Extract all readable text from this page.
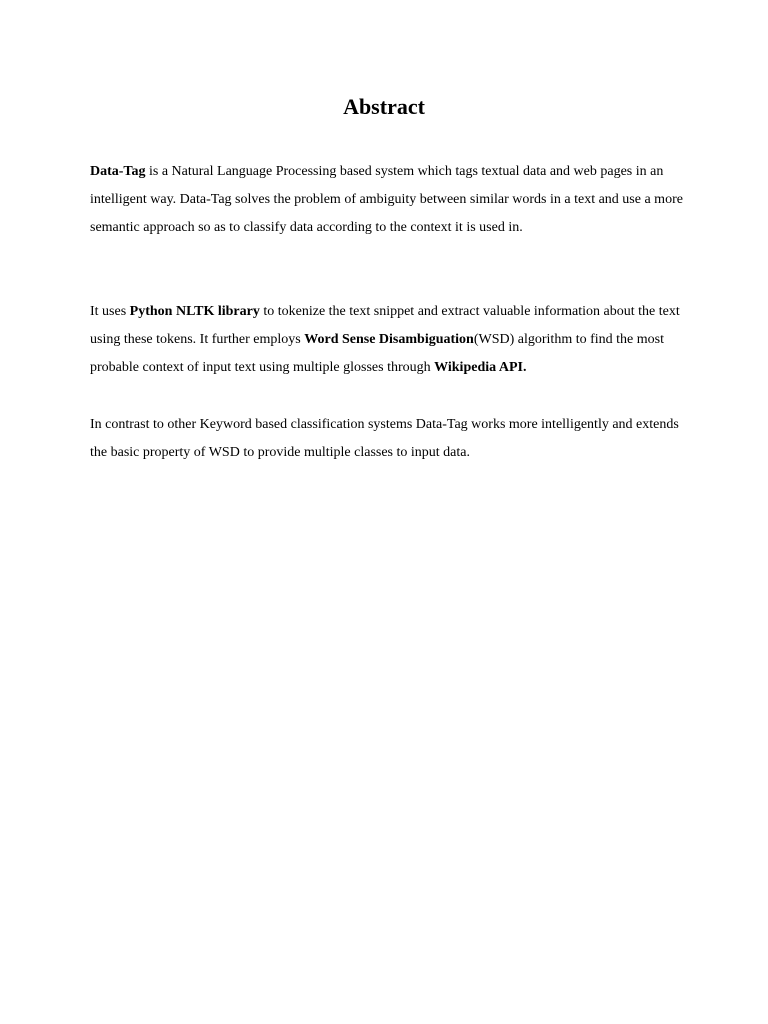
Abstract

Data-Tag is a Natural Language Processing based system which tags textual data and web pages in an intelligent way. Data-Tag solves the problem of ambiguity between similar words in a text and use a more semantic approach so as to classify data according to the context it is used in.

It uses Python NLTK library to tokenize the text snippet and extract valuable information about the text using these tokens. It further employs Word Sense Disambiguation(WSD) algorithm to find the most probable context of input text using multiple glosses through Wikipedia API.

In contrast to other Keyword based classification systems Data-Tag works more intelligently and extends the basic property of WSD to provide multiple classes to input data.
